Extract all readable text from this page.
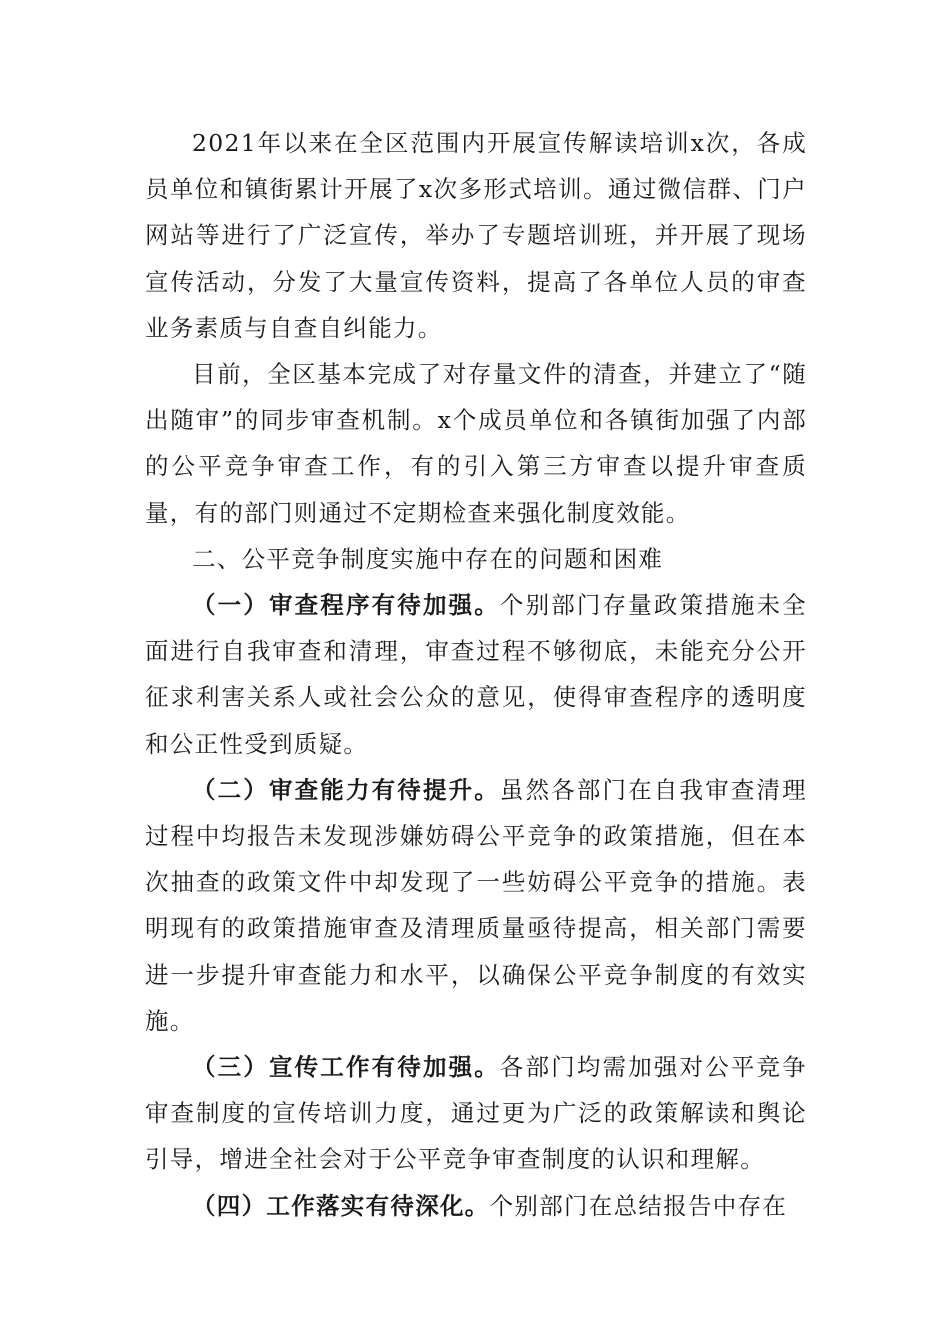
2021年以来在全区范围内开展宣传解读培训x次，各成员单位和镇街累计开展了x次多形式培训。通过微信群、门户网站等进行了广泛宣传，举办了专题培训班，并开展了现场宣传活动，分发了大量宣传资料，提高了各单位人员的审查业务素质与自查自纠能力。

目前，全区基本完成了对存量文件的清查，并建立了“随出随审”的同步审查机制。x个成员单位和各镇街加强了内部的公平竞争审查工作，有的引入第三方审查以提升审查质量，有的部门则通过不定期检查来强化制度效能。

二、公平竞争制度实施中存在的问题和困难

（一）审查程序有待加强。个别部门存量政策措施未全面进行自我审查和清理，审查过程不够彻底，未能充分公开征求利害关系人或社会公众的意见，使得审查程序的透明度和公正性受到质疑。

（二）审查能力有待提升。虽然各部门在自我审查清理过程中均报告未发现涉嫌妨碍公平竞争的政策措施，但在本次抽查的政策文件中却发现了一些妨碍公平竞争的措施。表明现有的政策措施审查及清理质量亟待提高，相关部门需要进一步提升审查能力和水平，以确保公平竞争制度的有效实施。

（三）宣传工作有待加强。各部门均需加强对公平竞争审查制度的宣传培训力度，通过更为广泛的政策解读和舆论引导，增进全社会对于公平竞争审查制度的认识和理解。

（四）工作落实有待深化。个别部门在总结报告中存在
